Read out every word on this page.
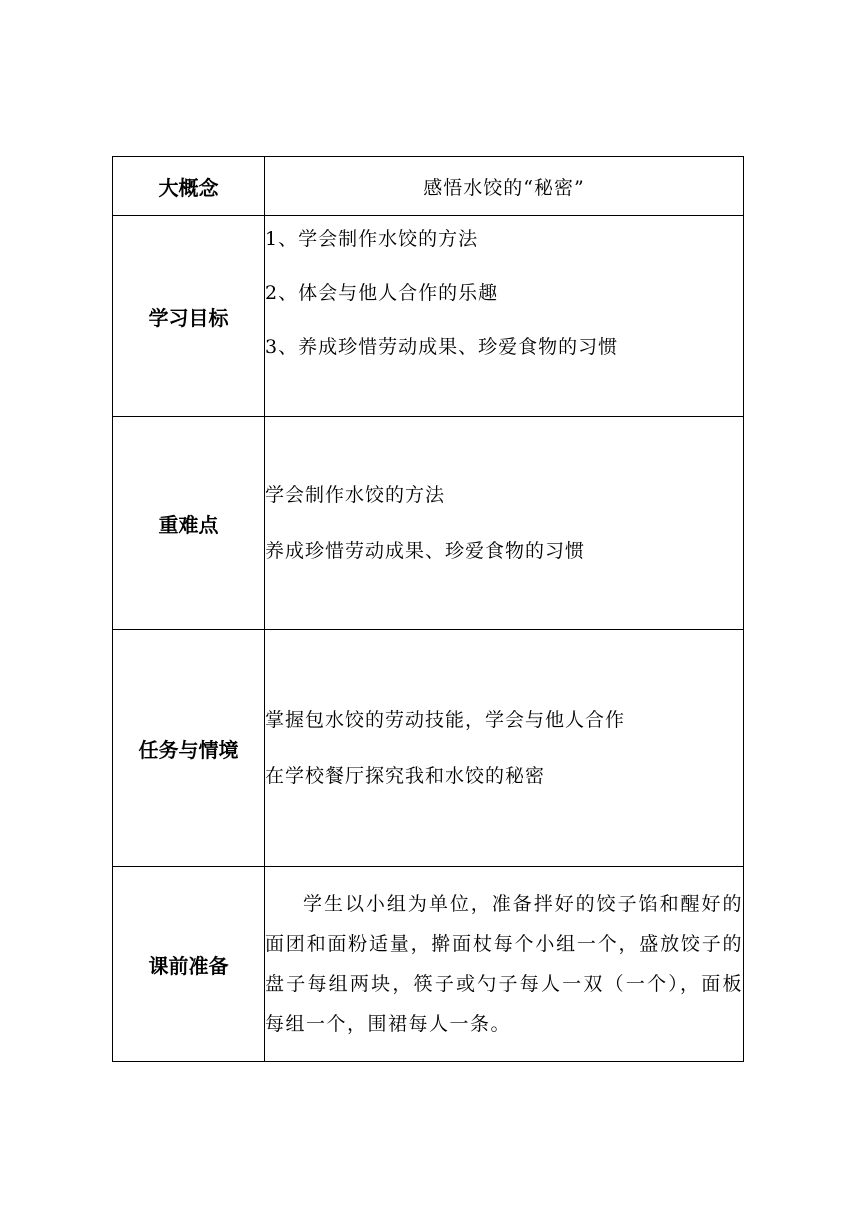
大概念	感悟水饺的“秘密”
学习目标	1、学会制作水饺的方法
2、体会与他人合作的乐趣
3、养成珍惜劳动成果、珍爱食物的习惯

重难点	学会制作水饺的方法
养成珍惜劳动成果、珍爱食物的习惯

任务与情境	掌握包水饺的劳动技能，学会与他人合作
在学校餐厅探究我和水饺的秘密

课前准备	学生以小组为单位，准备拌好的饺子馅和醒好的面团和面粉适量，擀面杖每个小组一个，盛放饺子的盘子每组两块，筷子或勺子每人一双（一个），面板每组一个，围裙每人一条。
